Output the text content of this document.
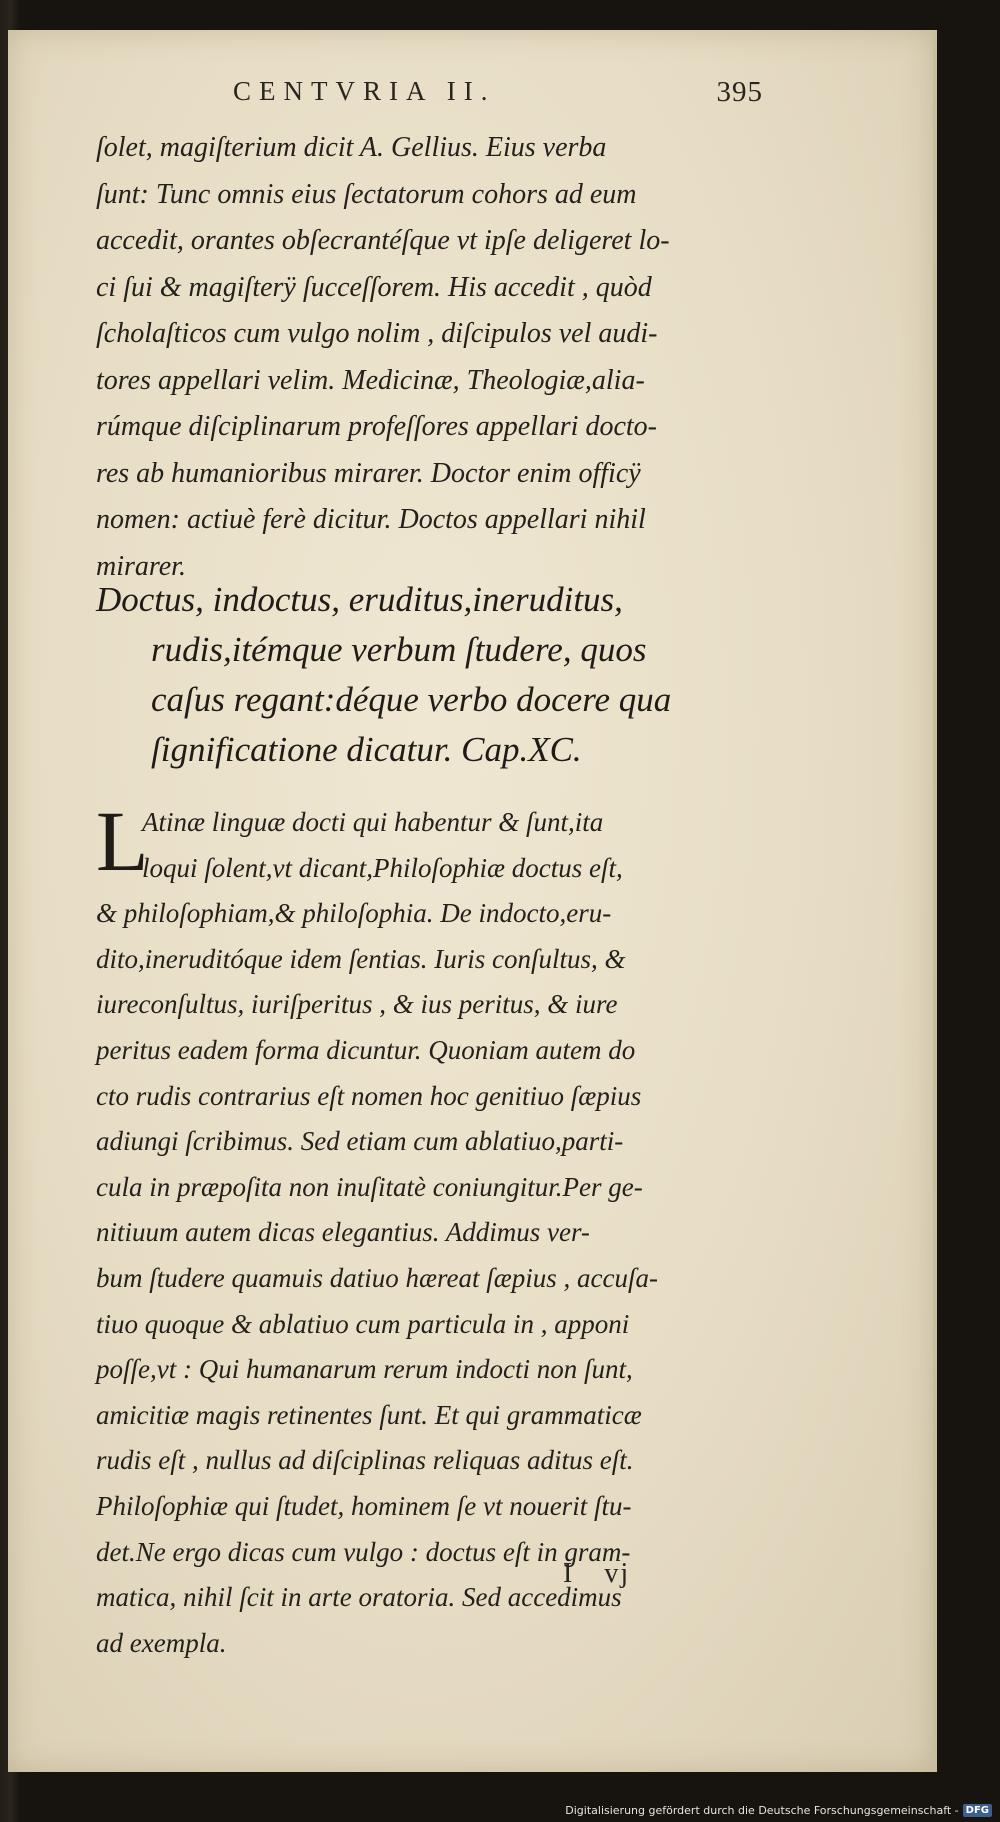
CENTVRIA II.	395

ſolet, magiſterium dicit A. Gellius. Eius verba
ſunt: Tunc omnis eius ſectatorum cohors ad eum
accedit, orantes obſecrantéſque vt ipſe deligeret lo-
ci ſui & magiſterÿ ſucceſſorem. His accedit , quòd
ſcholaſticos cum vulgo nolim , diſcipulos vel audi-
tores appellari velim. Medicinæ, Theologiæ,alia-
rúmque diſciplinarum profeſſores appellari docto-
res ab humanioribus mirarer. Doctor enim officÿ
nomen: actiuè ferè dicitur. Doctos appellari nihil
mirarer.

Doctus, indoctus, eruditus,ineruditus,
rudis,itémque verbum ſtudere, quos
caſus regant:déque verbo docere qua
ſignificatione dicatur. Cap.XC.
L

Atinæ linguæ docti qui habentur & ſunt,ita
loqui ſolent,vt dicant,Philoſophiæ doctus eſt,
& philoſophiam,& philoſophia. De indocto,eru-
dito,ineruditóque idem ſentias. Iuris conſultus, &
iureconſultus, iuriſperitus , & ius peritus, & iure
peritus eadem forma dicuntur. Quoniam autem do
cto rudis contrarius eſt nomen hoc genitiuo ſæpius
adiungi ſcribimus. Sed etiam cum ablatiuo,parti-
cula in præpoſita non inuſitatè coniungitur.Per ge-
nitiuum autem dicas elegantius. Addimus ver-
bum ſtudere quamuis datiuo hæreat ſæpius , accuſa-
tiuo quoque & ablatiuo cum particula in , apponi
poſſe,vt : Qui humanarum rerum indocti non ſunt,
amicitiæ magis retinentes ſunt. Et qui grammaticæ
rudis eſt , nullus ad diſciplinas reliquas aditus eſt.
Philoſophiæ qui ſtudet, hominem ſe vt nouerit ſtu-
det.Ne ergo dicas cum vulgo : doctus eſt in gram-
matica, nihil ſcit in arte oratoria. Sed accedimus
ad exempla.

I vj
Digitalisierung gefördert durch die Deutsche Forschungsgemeinschaft - DFG
